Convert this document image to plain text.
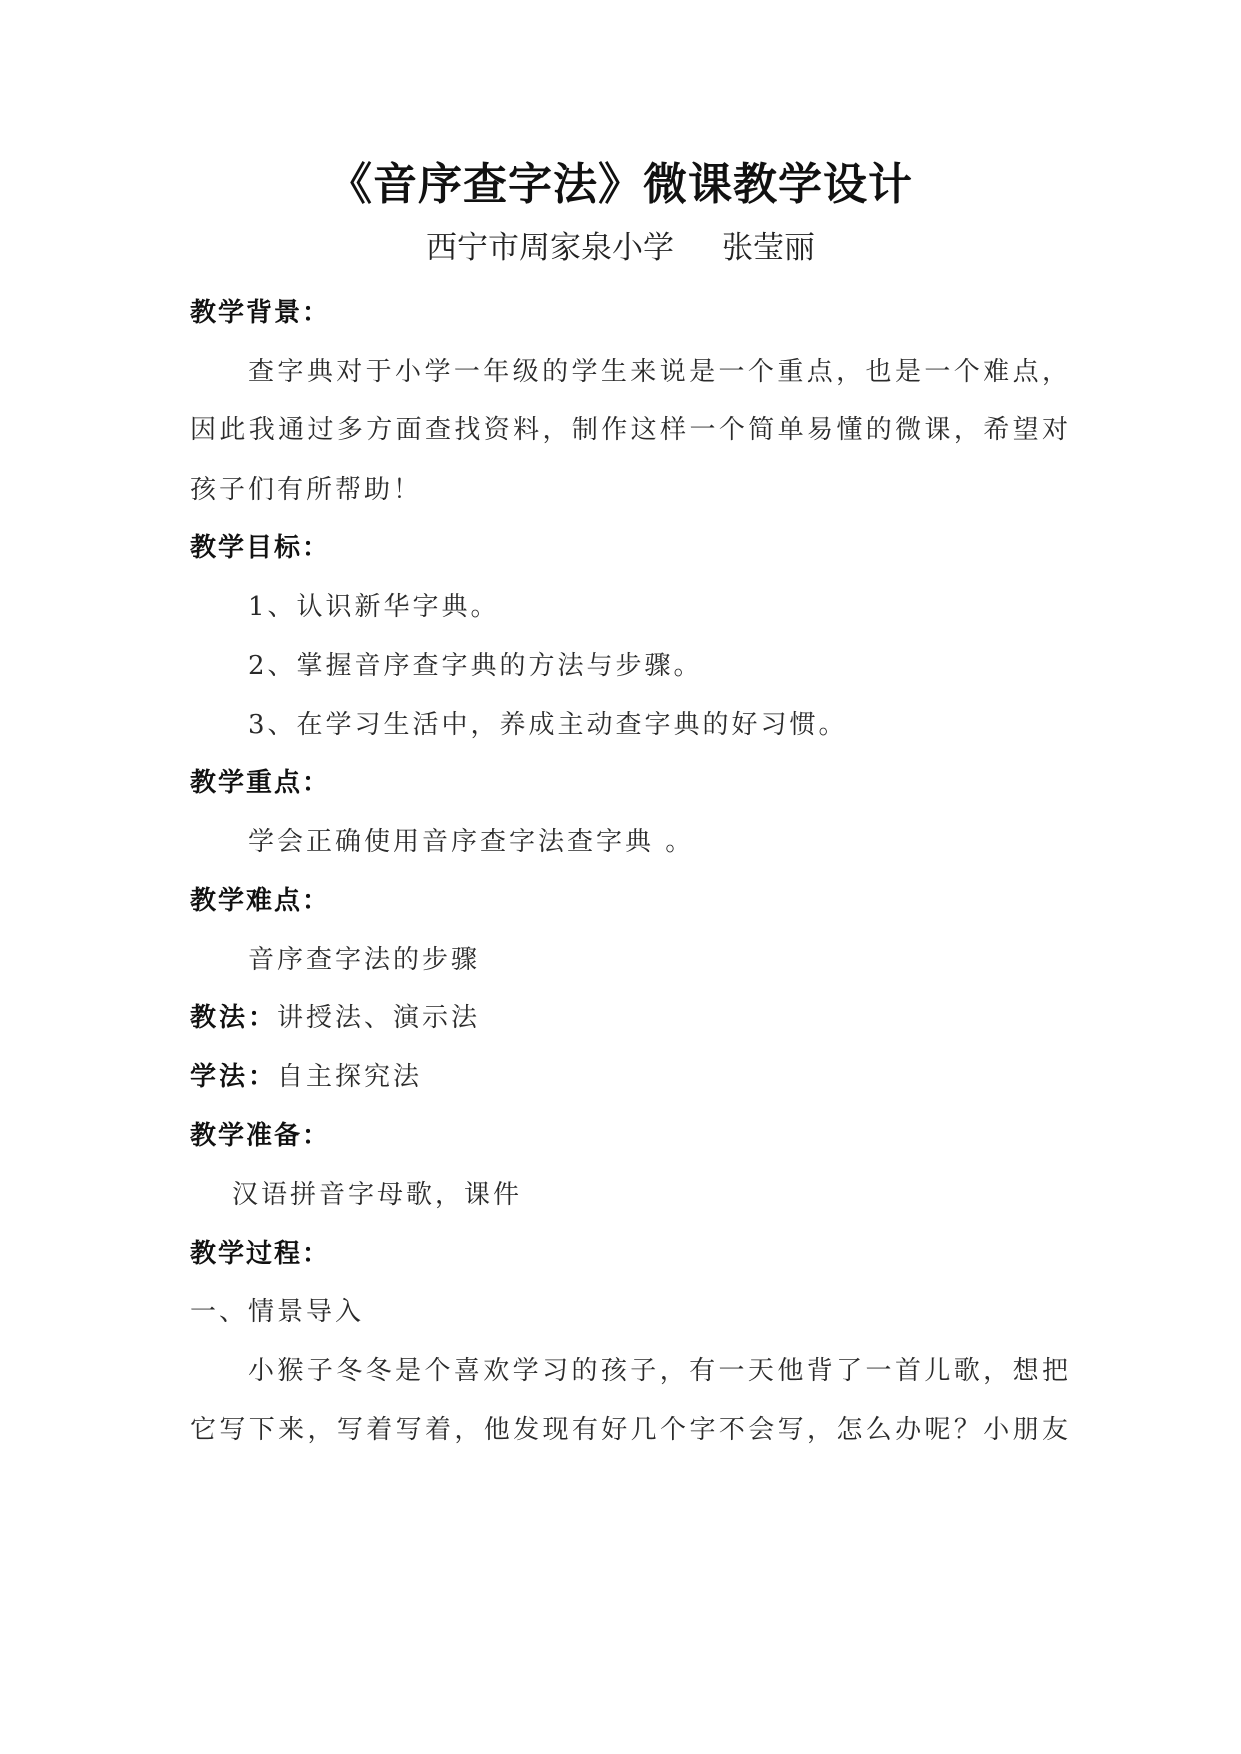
《音序查字法》微课教学设计
西宁市周家泉小学 张莹丽
教学背景：
查字典对于小学一年级的学生来说是一个重点，也是一个难点，
因此我通过多方面查找资料，制作这样一个简单易懂的微课，希望对
孩子们有所帮助！
教学目标：
1、认识新华字典。
2、掌握音序查字典的方法与步骤。
3、在学习生活中，养成主动查字典的好习惯。
教学重点：
学会正确使用音序查字法查字典 。
教学难点：
音序查字法的步骤
教法：讲授法、演示法
学法：自主探究法
教学准备：
汉语拼音字母歌，课件
教学过程：
一、情景导入
小猴子冬冬是个喜欢学习的孩子，有一天他背了一首儿歌，想把
它写下来，写着写着，他发现有好几个字不会写，怎么办呢？小朋友
